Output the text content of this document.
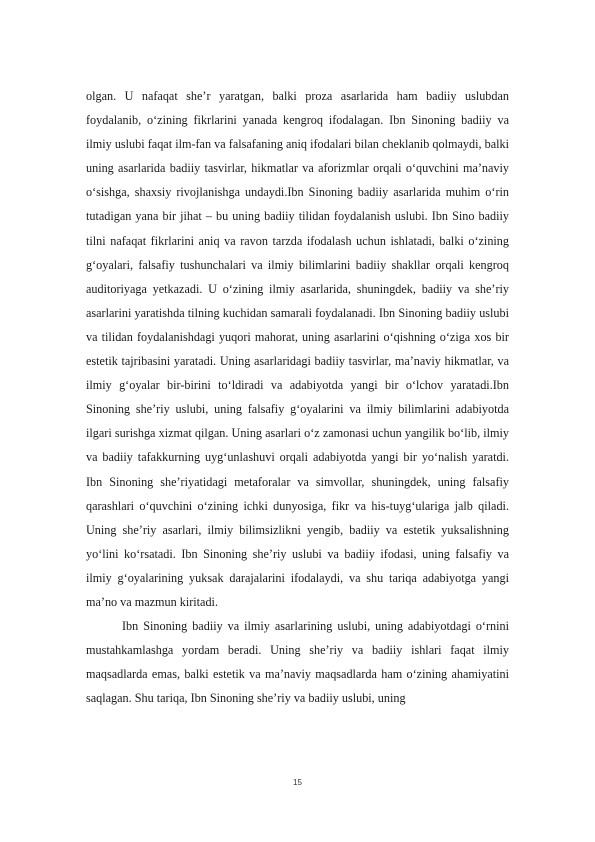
olgan. U nafaqat she’r yaratgan, balki proza asarlarida ham badiiy uslubdan foydalanib, o‘zining fikrlarini yanada kengroq ifodalagan. Ibn Sinoning badiiy va ilmiy uslubi faqat ilm-fan va falsafaning aniq ifodalari bilan cheklanib qolmaydi, balki uning asarlarida badiiy tasvirlar, hikmatlar va aforizmlar orqali o‘quvchini ma’naviy o‘sishga, shaxsiy rivojlanishga undaydi.Ibn Sinoning badiiy asarlarida muhim o‘rin tutadigan yana bir jihat – bu uning badiiy tilidan foydalanish uslubi. Ibn Sino badiiy tilni nafaqat fikrlarini aniq va ravon tarzda ifodalash uchun ishlatadi, balki o‘zining g‘oyalari, falsafiy tushunchalari va ilmiy bilimlarini badiiy shakllar orqali kengroq auditoriyaga yetkazadi. U o‘zining ilmiy asarlarida, shuningdek, badiiy va she’riy asarlarini yaratishda tilning kuchidan samarali foydalanadi. Ibn Sinoning badiiy uslubi va tilidan foydalanishdagi yuqori mahorat, uning asarlarini o‘qishning o‘ziga xos bir estetik tajribasini yaratadi. Uning asarlaridagi badiiy tasvirlar, ma’naviy hikmatlar, va ilmiy g‘oyalar bir-birini to‘ldiradi va adabiyotda yangi bir o‘lchov yaratadi.Ibn Sinoning she’riy uslubi, uning falsafiy g‘oyalarini va ilmiy bilimlarini adabiyotda ilgari surishga xizmat qilgan. Uning asarlari o‘z zamonasi uchun yangilik bo‘lib, ilmiy va badiiy tafakkurning uyg‘unlashuvi orqali adabiyotda yangi bir yo‘nalish yaratdi. Ibn Sinoning she’riyatidagi metaforalar va simvollar, shuningdek, uning falsafiy qarashlari o‘quvchini o‘zining ichki dunyosiga, fikr va his-tuyg‘ulariga jalb qiladi. Uning she’riy asarlari, ilmiy bilimsizlikni yengib, badiiy va estetik yuksalishning yo‘lini ko‘rsatadi. Ibn Sinoning she’riy uslubi va badiiy ifodasi, uning falsafiy va ilmiy g‘oyalarining yuksak darajalarini ifodalaydi, va shu tariqa adabiyotga yangi ma’no va mazmun kiritadi.

Ibn Sinoning badiiy va ilmiy asarlarining uslubi, uning adabiyotdagi o‘rnini mustahkamlashga yordam beradi. Uning she’riy va badiiy ishlari faqat ilmiy maqsadlarda emas, balki estetik va ma’naviy maqsadlarda ham o‘zining ahamiyatini saqlagan. Shu tariqa, Ibn Sinoning she’riy va badiiy uslubi, uning

15
